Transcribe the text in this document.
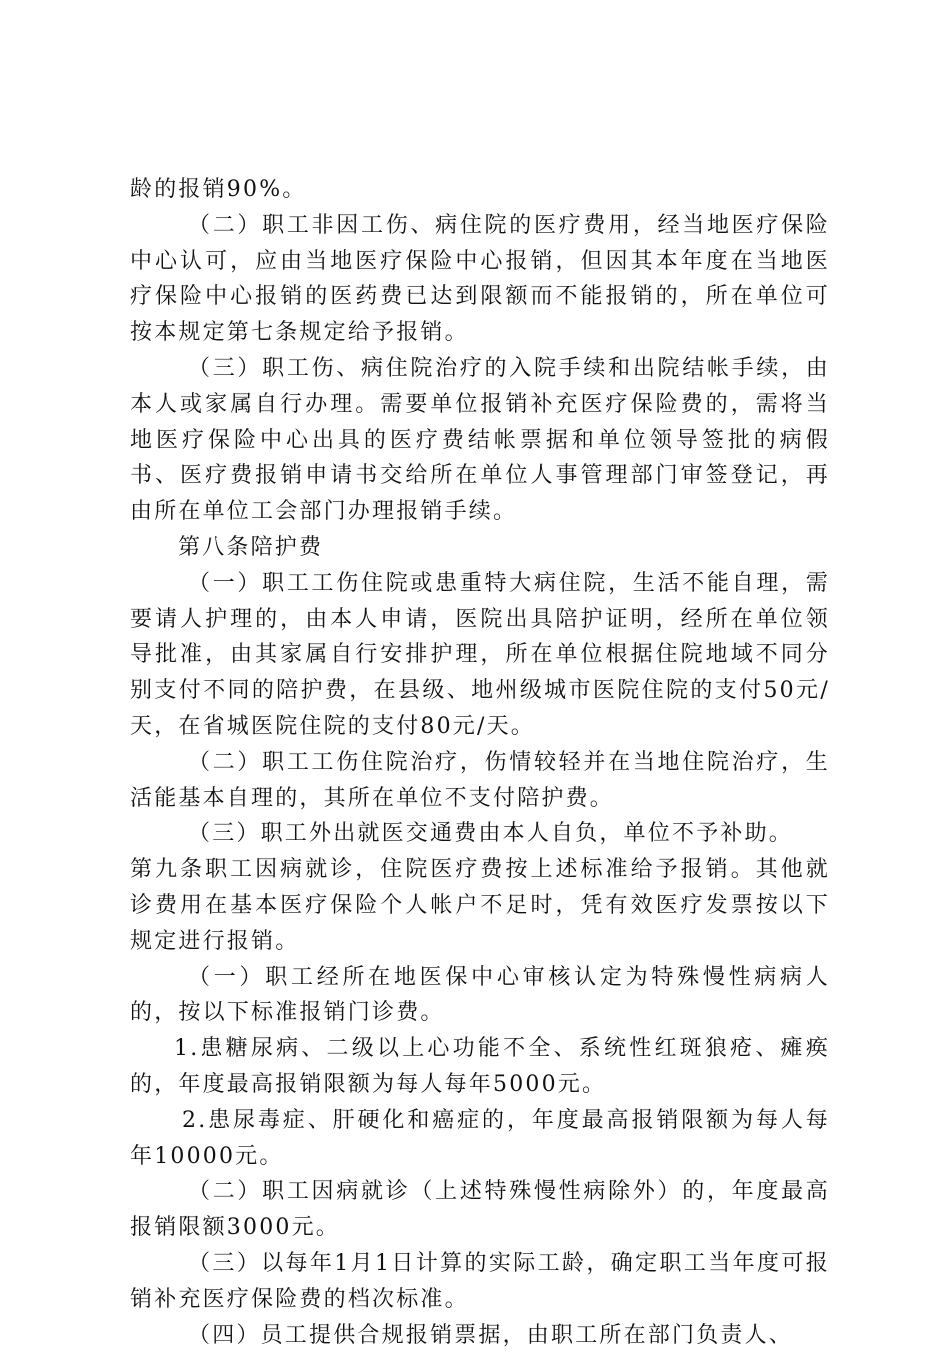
龄的报销90%。

（二）职工非因工伤、病住院的医疗费用，经当地医疗保险中心认可，应由当地医疗保险中心报销，但因其本年度在当地医疗保险中心报销的医药费已达到限额而不能报销的，所在单位可按本规定第七条规定给予报销。

（三）职工伤、病住院治疗的入院手续和出院结帐手续，由本人或家属自行办理。需要单位报销补充医疗保险费的，需将当地医疗保险中心出具的医疗费结帐票据和单位领导签批的病假书、医疗费报销申请书交给所在单位人事管理部门审签登记，再由所在单位工会部门办理报销手续。

第八条陪护费

（一）职工工伤住院或患重特大病住院，生活不能自理，需要请人护理的，由本人申请，医院出具陪护证明，经所在单位领导批准，由其家属自行安排护理，所在单位根据住院地域不同分别支付不同的陪护费，在县级、地州级城市医院住院的支付50元/天，在省城医院住院的支付80元/天。

（二）职工工伤住院治疗，伤情较轻并在当地住院治疗，生活能基本自理的，其所在单位不支付陪护费。

（三）职工外出就医交通费由本人自负，单位不予补助。

第九条职工因病就诊，住院医疗费按上述标准给予报销。其他就诊费用在基本医疗保险个人帐户不足时，凭有效医疗发票按以下规定进行报销。

（一）职工经所在地医保中心审核认定为特殊慢性病病人的，按以下标准报销门诊费。

1.患糖尿病、二级以上心功能不全、系统性红斑狼疮、瘫痪的，年度最高报销限额为每人每年5000元。

2.患尿毒症、肝硬化和癌症的，年度最高报销限额为每人每年10000元。

（二）职工因病就诊（上述特殊慢性病除外）的，年度最高报销限额3000元。

（三）以每年1月1日计算的实际工龄，确定职工当年度可报销补充医疗保险费的档次标准。

（四）员工提供合规报销票据，由职工所在部门负责人、
